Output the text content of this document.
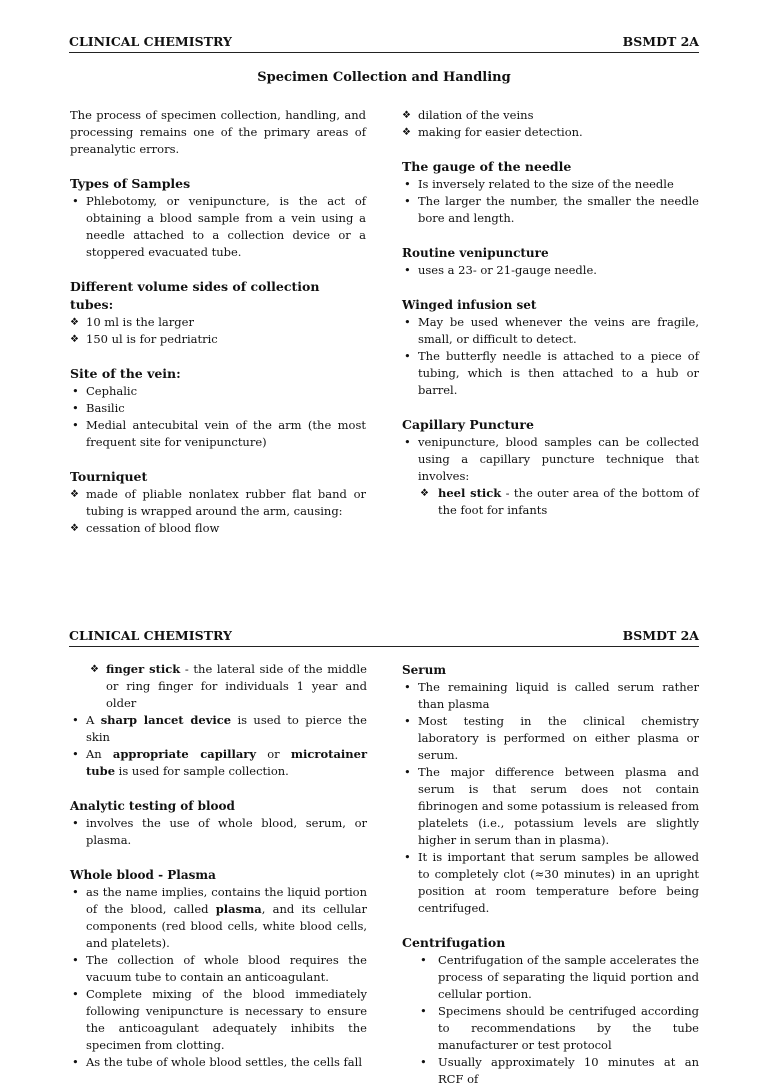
CLINICAL CHEMISTRY	BSMDT 2A
Specimen Collection and Handling

The process of specimen collection, handling, and processing remains one of the primary areas of preanalytic errors.

Types of Samples
• Phlebotomy, or venipuncture, is the act of obtaining a blood sample from a vein using a needle attached to a collection device or a stoppered evacuated tube.
Different volume sides of collection tubes:
❖ 10 ml is the larger
❖ 150 ul is for pedriatric
Site of the vein:
• Cephalic
• Basilic
• Medial antecubital vein of the arm (the most frequent site for venipuncture)
Tourniquet
❖ made of pliable nonlatex rubber flat band or tubing is wrapped around the arm, causing:
❖ cessation of blood flow
❖ dilation of the veins
❖ making for easier detection.
The gauge of the needle
• Is inversely related to the size of the needle
• The larger the number, the smaller the needle bore and length.
Routine venipuncture
• uses a 23- or 21-gauge needle.
Winged infusion set
• May be used whenever the veins are fragile, small, or difficult to detect.
• The butterfly needle is attached to a piece of tubing, which is then attached to a hub or barrel.
Capillary Puncture
• venipuncture, blood samples can be collected using a capillary puncture technique that involves:
❖ heel stick - the outer area of the bottom of the foot for infants
CLINICAL CHEMISTRY	BSMDT 2A
❖ finger stick - the lateral side of the middle or ring finger for individuals 1 year and older
• A sharp lancet device is used to pierce the skin
• An appropriate capillary or microtainer tube is used for sample collection.
Analytic testing of blood
• involves the use of whole blood, serum, or plasma.
Whole blood - Plasma
• as the name implies, contains the liquid portion of the blood, called plasma, and its cellular components (red blood cells, white blood cells, and platelets).
• The collection of whole blood requires the vacuum tube to contain an anticoagulant.
• Complete mixing of the blood immediately following venipuncture is necessary to ensure the anticoagulant adequately inhibits the specimen from clotting.
• As the tube of whole blood settles, the cells fall
Serum
• The remaining liquid is called serum rather than plasma
• Most testing in the clinical chemistry laboratory is performed on either plasma or serum.
• The major difference between plasma and serum is that serum does not contain fibrinogen and some potassium is released from platelets (i.e., potassium levels are slightly higher in serum than in plasma).
• It is important that serum samples be allowed to completely clot (≈30 minutes) in an upright position at room temperature before being centrifuged.
Centrifugation
• Centrifugation of the sample accelerates the process of separating the liquid portion and cellular portion.
• Specimens should be centrifuged according to recommendations by the tube manufacturer or test protocol
• Usually approximately 10 minutes at an RCF of
